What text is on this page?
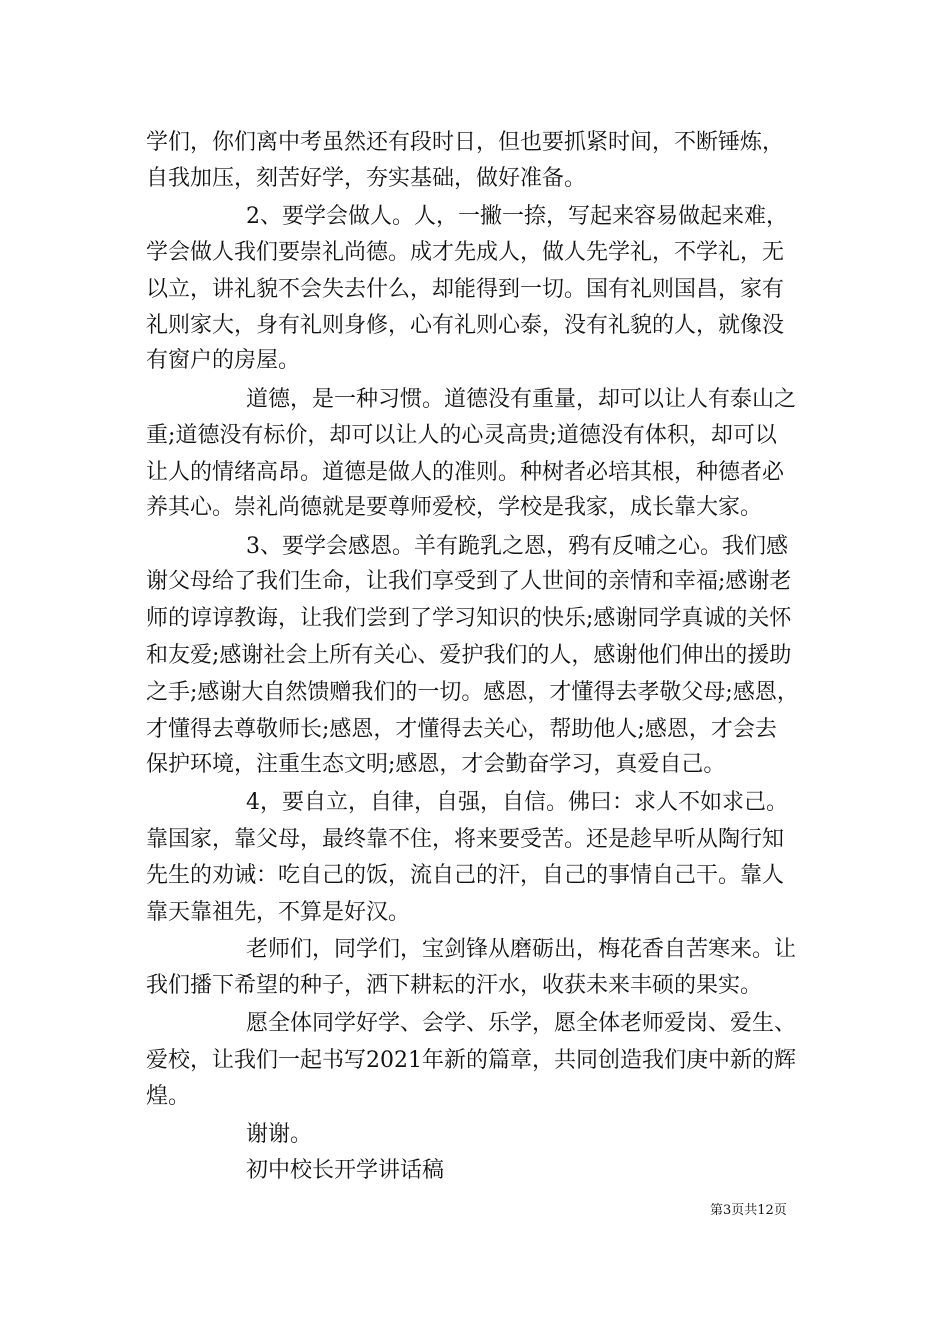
学们，你们离中考虽然还有段时日，但也要抓紧时间，不断锤炼，
自我加压，刻苦好学，夯实基础，做好准备。
2、要学会做人。人，一撇一捺，写起来容易做起来难，
学会做人我们要崇礼尚德。成才先成人，做人先学礼，不学礼，无
以立，讲礼貌不会失去什么，却能得到一切。国有礼则国昌，家有
礼则家大，身有礼则身修，心有礼则心泰，没有礼貌的人，就像没
有窗户的房屋。
道德，是一种习惯。道德没有重量，却可以让人有泰山之
重;道德没有标价，却可以让人的心灵高贵;道德没有体积，却可以
让人的情绪高昂。道德是做人的准则。种树者必培其根，种德者必
养其心。崇礼尚德就是要尊师爱校，学校是我家，成长靠大家。
3、要学会感恩。羊有跪乳之恩，鸦有反哺之心。我们感
谢父母给了我们生命，让我们享受到了人世间的亲情和幸福;感谢老
师的谆谆教诲，让我们尝到了学习知识的快乐;感谢同学真诚的关怀
和友爱;感谢社会上所有关心、爱护我们的人，感谢他们伸出的援助
之手;感谢大自然馈赠我们的一切。感恩，才懂得去孝敬父母;感恩，
才懂得去尊敬师长;感恩，才懂得去关心，帮助他人;感恩，才会去
保护环境，注重生态文明;感恩，才会勤奋学习，真爱自己。
4，要自立，自律，自强，自信。佛曰：求人不如求己。
靠国家，靠父母，最终靠不住，将来要受苦。还是趁早听从陶行知
先生的劝诫：吃自己的饭，流自己的汗，自己的事情自己干。靠人
靠天靠祖先，不算是好汉。
老师们，同学们，宝剑锋从磨砺出，梅花香自苦寒来。让
我们播下希望的种子，洒下耕耘的汗水，收获未来丰硕的果实。
愿全体同学好学、会学、乐学，愿全体老师爱岗、爱生、
爱校，让我们一起书写2021年新的篇章，共同创造我们庚中新的辉
煌。
谢谢。
初中校长开学讲话稿
第3页共12页
